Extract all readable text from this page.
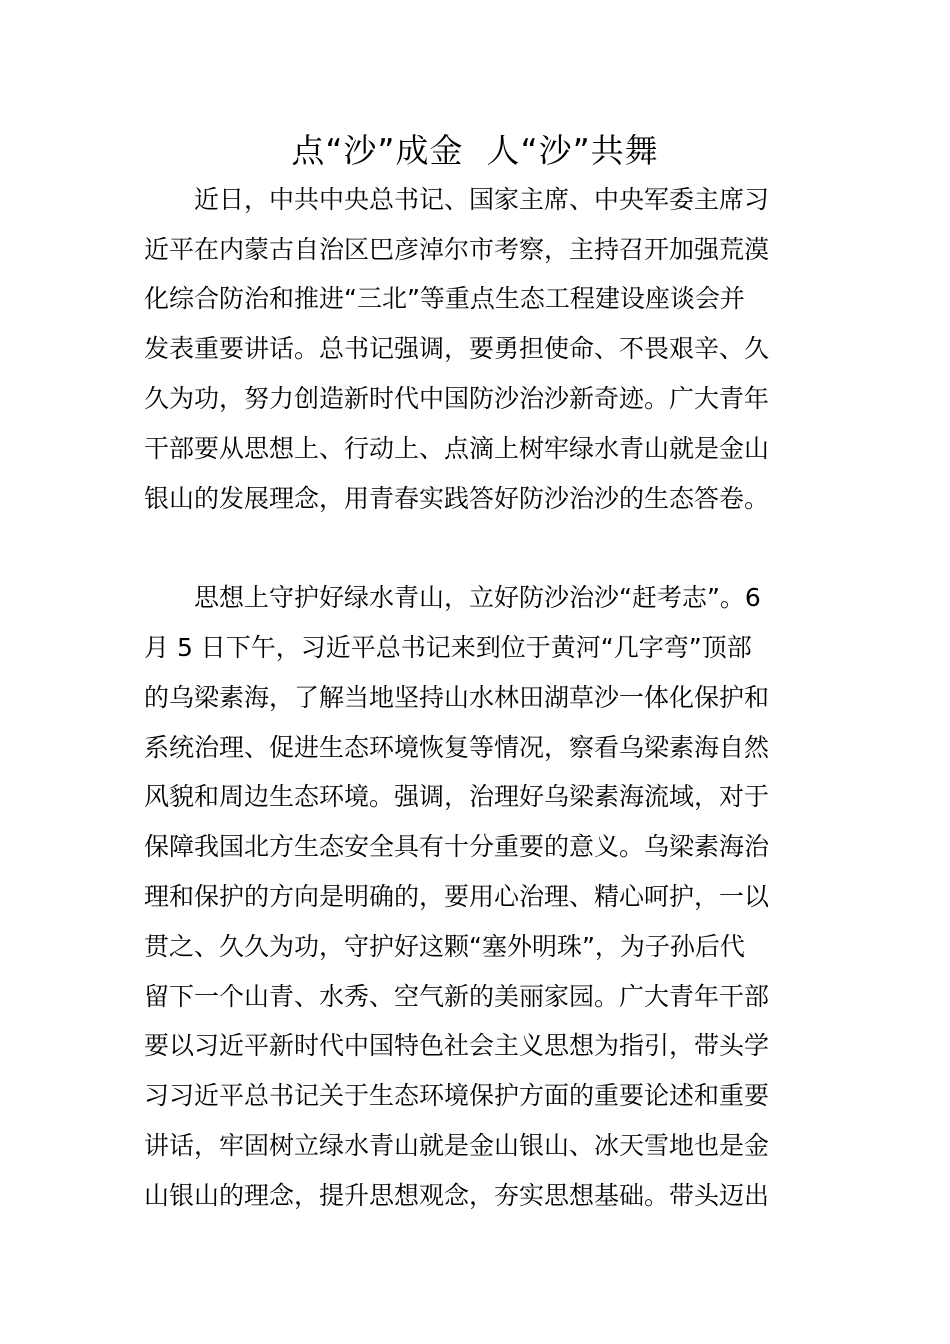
点“沙”成金  人“沙”共舞

近日，中共中央总书记、国家主席、中央军委主席习

近平在内蒙古自治区巴彦淖尔市考察，主持召开加强荒漠

化综合防治和推进“三北”等重点生态工程建设座谈会并

发表重要讲话。总书记强调，要勇担使命、不畏艰辛、久

久为功，努力创造新时代中国防沙治沙新奇迹。广大青年

干部要从思想上、行动上、点滴上树牢绿水青山就是金山

银山的发展理念，用青春实践答好防沙治沙的生态答卷。

思想上守护好绿水青山，立好防沙治沙“赶考志”。6

月 5 日下午，习近平总书记来到位于黄河“几字弯”顶部

的乌梁素海，了解当地坚持山水林田湖草沙一体化保护和

系统治理、促进生态环境恢复等情况，察看乌梁素海自然

风貌和周边生态环境。强调，治理好乌梁素海流域，对于

保障我国北方生态安全具有十分重要的意义。乌梁素海治

理和保护的方向是明确的，要用心治理、精心呵护，一以

贯之、久久为功，守护好这颗“塞外明珠”，为子孙后代

留下一个山青、水秀、空气新的美丽家园。广大青年干部

要以习近平新时代中国特色社会主义思想为指引，带头学

习习近平总书记关于生态环境保护方面的重要论述和重要

讲话，牢固树立绿水青山就是金山银山、冰天雪地也是金

山银山的理念，提升思想观念，夯实思想基础。带头迈出
